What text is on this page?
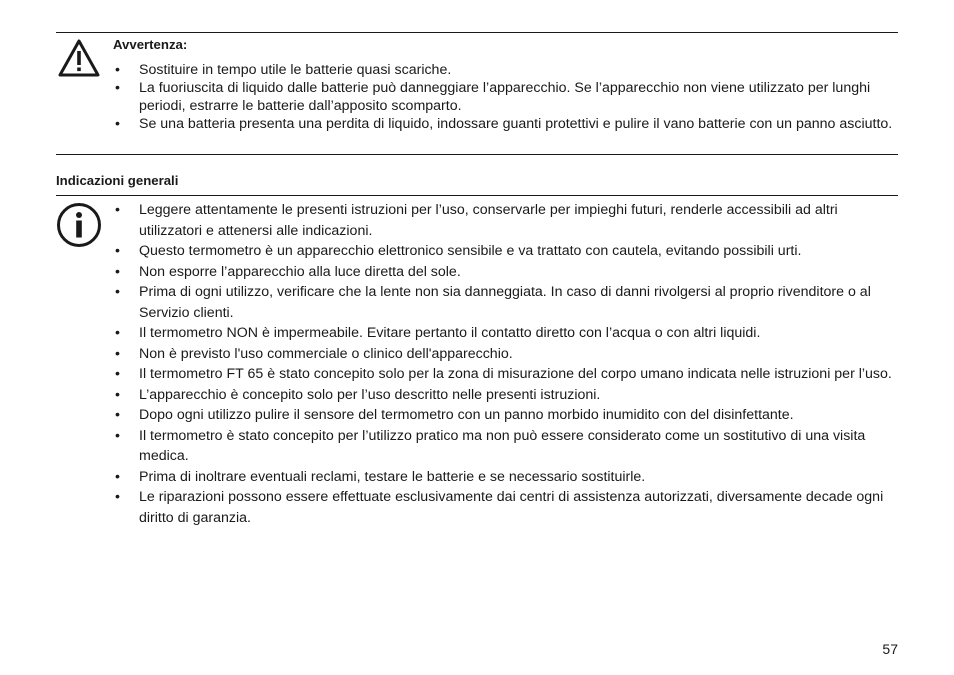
Avvertenza:
• Sostituire in tempo utile le batterie quasi scariche.
• La fuoriuscita di liquido dalle batterie può danneggiare l’apparecchio. Se l’apparecchio non viene utilizzato per lunghi periodi, estrarre le batterie dall’apposito scomparto.
• Se una batteria presenta una perdita di liquido, indossare guanti protettivi e pulire il vano batterie con un panno asciutto.
Indicazioni generali
• Leggere attentamente le presenti istruzioni per l’uso, conservarle per impieghi futuri, renderle accessibili ad altri utilizzatori e attenersi alle indicazioni.
• Questo termometro è un apparecchio elettronico sensibile e va trattato con cautela, evitando possibili urti.
• Non esporre l’apparecchio alla luce diretta del sole.
• Prima di ogni utilizzo, verificare che la lente non sia danneggiata. In caso di danni rivolgersi al proprio rivenditore o al Servizio clienti.
• Il termometro NON è impermeabile. Evitare pertanto il contatto diretto con l’acqua o con altri liquidi.
• Non è previsto l'uso commerciale o clinico dell'apparecchio.
• Il termometro FT 65 è stato concepito solo per la zona di misurazione del corpo umano indicata nelle istruzioni per l’uso.
• L’apparecchio è concepito solo per l’uso descritto nelle presenti istruzioni.
• Dopo ogni utilizzo pulire il sensore del termometro con un panno morbido inumidito con del disinfettante.
• Il termometro è stato concepito per l’utilizzo pratico ma non può essere considerato come un sostitutivo di una visita medica.
• Prima di inoltrare eventuali reclami, testare le batterie e se necessario sostituirle.
• Le riparazioni possono essere effettuate esclusivamente dai centri di assistenza autorizzati, diversamente decade ogni diritto di garanzia.
57
